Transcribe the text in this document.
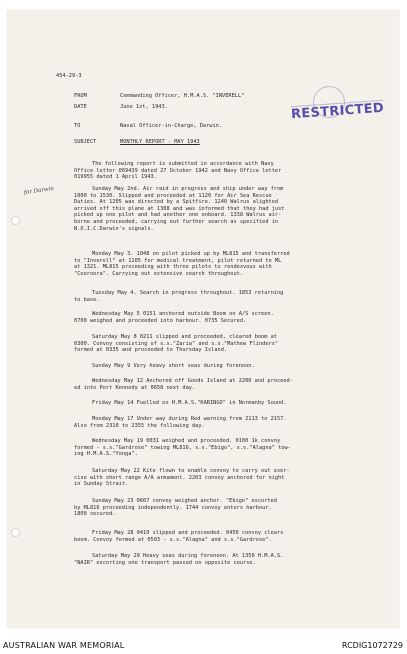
454-29-3
FROM	Commanding Officer, H.M.A.S. "INVERELL"
DATE	June 1st, 1943.
TO	Naval Officer-in-Charge, Darwin.
SUBJECT	MONTHLY REPORT - MAY 1943
RESTRICTED
for Darwin

The following report is submitted in accordance with Navy

Office letter 069439 dated 27 October 1942 and Navy Office letter

019955 dated 1 April 1943.

Sunday May 2nd. Air raid in progress and ship under way from

1000 to 1530. Slipped and proceeded at 1120 for Air Sea Rescue

Duties. At 1205 was directed by a Spitfire. 1240 Walrus alighted

arrived off this plane at 1308 and was informed that they had just

picked up one pilot and had another one onboard. 1338 Walrus air-

borne and proceeded, carrying out further search as specified in

N.O.I.C.Darwin's signals.

Monday May 3. 1048 on pilot picked up by ML815 and transferred

to "Inverell" at 1105 for medical treatment, pilot returned to ML

at 1321. ML815 proceeding with three pilots to rendezvous with

"Cooroora". Carrying out extensive search throughout.

Tuesday May 4. Search in progress throughout. 1853 returning

to base.

Wednesday May 5 0151 anchored outside Boom on A/S screen.

0700 weighed and proceeded into harbour. 0735 Secured.

Saturday May 8 0211 slipped and proceeded, cleared boom at

0300. Convoy consisting of s.s."Zaria" and s.s."Mathew Flinders"

formed at 0335 and proceeded to Thursday Island.

Sunday May 9 Very heavy short seas during forenoon.

Wednesday May 12 Anchored off Goods Island at 2200 and proceed-

ed into Port Kennedy at 0658 next day.

Friday May 14 Fuelled ex H.M.A.S."KARINGO" in Normanby Sound.

Monday May 17 Under way during Red warning from 2113 to 2157.

Also from 2310 to 2355 the following day.

Wednesday May 19 0031 weighed and proceeded. 0100 1k convoy

formed - s.s."Gardrose" towing ML816, s.s."Ebigo", s.s."Alagna" tow-

ing H.M.A.S."Yonga".

Saturday May 22 Kite flown to enable convoy to carry out exer-

cise with short range A/A armament. 2203 convoy anchored for night

in Sunday Strait.

Sunday May 23 0607 convoy weighed anchor. "Ebigo" escorted

by ML816 proceeding independently. 1744 convoy enters harbour.

1800 secured.

Friday May 28 0410 slipped and proceeded. 0450 convoy clears

boom. Convoy formed at 0503 - s.s."Alagna" and s.s."Gardrose".

Saturday May 29 Heavy seas during forenoon. At 1350 H.M.A.S.

"NAIR" escorting one transport passed on opposite course.

AUSTRALIAN WAR MEMORIAL	RCDIG1072729
